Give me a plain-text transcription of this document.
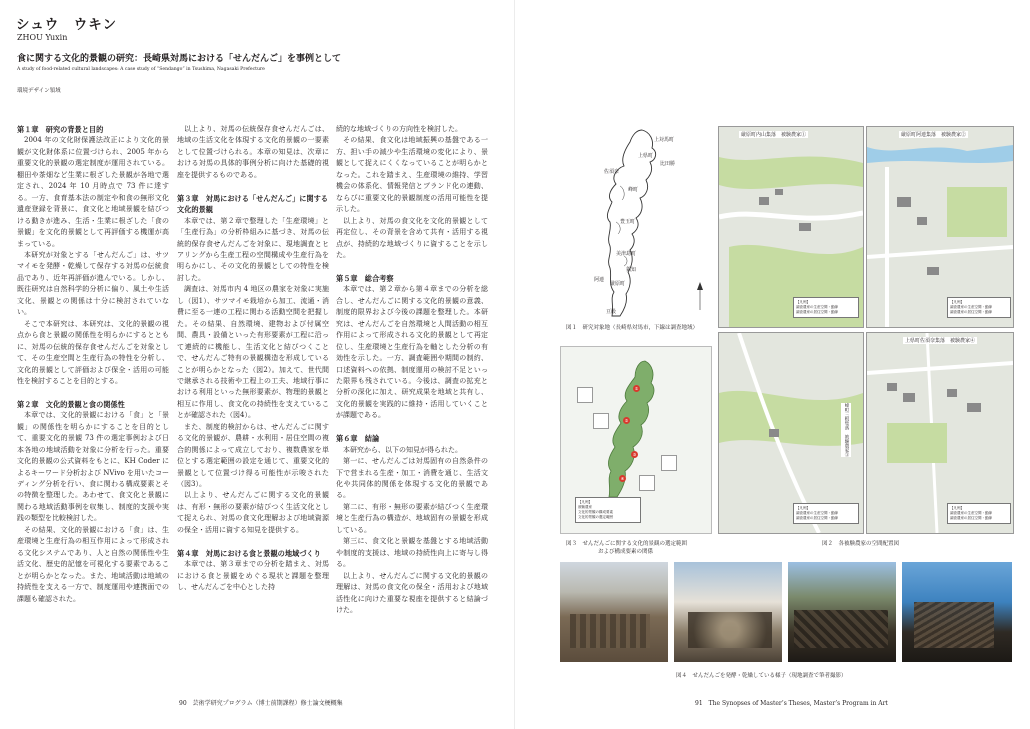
シュウ　ウキン
ZHOU Yuxin
食に関する文化的景観の研究：長崎県対馬における「せんだんご」を事例として
A study of food-related cultural landscapes: A case study of “Sendango” in Tsushima, Nagasaki Prefecture
環境デザイン領域
第１章　研究の背景と目的

2004 年の文化財保護法改正により文化的景観が文化財体系に位置づけられ、2005 年から重要文化的景観の選定制度が運用されている。棚田や茶畑など生業に根ざした景観が各地で選定され、2024 年 10 月時点で 73 件に達する。一方、食育基本法の制定や和食の無形文化遺産登録を背景に、食文化と地域景観を結びつける動きが進み、生活・生業に根ざした「食の景観」を文化的景観として再評価する機運が高まっている。

本研究が対象とする「せんだんご」は、サツマイモを発酵・乾燥して保存する対馬の伝統食品であり、近年再評価が進んでいる。しかし、既往研究は自然科学的分析に偏り、風土や生活文化、景観との関係は十分に検討されていない。

そこで本研究は、本研究は、文化的景観の視点から食と景観の関係性を明らかにするとともに、対馬の伝統的保存食せんだんごを対象として、その生産空間と生産行為の特性を分析し、文化的景観として評価および保全・活用の可能性を検討することを目的とする。

第２章　文化的景観と食の関係性

本章では、文化的景観における「食」と「景観」の関係性を明らかにすることを目的として、重要文化的景観 73 件の選定事例および日本各地の地域活動を対象に分析を行った。重要文化的景観の公式資料をもとに、KH Coder によるキーワード分析および NVivo を用いたコーディング分析を行い、食に関わる構成要素とその特徴を整理した。あわせて、食文化と景観に関わる地域活動事例を収集し、制度的支援や実践の類型を比較検討した。

その結果、文化的景観における「食」は、生産環境と生産行為の相互作用によって形成される文化システムであり、人と自然の関係性や生活文化、歴史的記憶を可視化する要素であることが明らかとなった。また、地域活動は地域の持続性を支える一方で、制度運用や連携面での課題も確認された。

以上より、対馬の伝統保存食せんだんごは、地域の生活文化を体現する文化的景観の一要素として位置づけられる。本章の知見は、次章における対馬の具体的事例分析に向けた基礎的視座を提供するものである。

第３章　対馬における「せんだんご」に関する文化的景観

本章では、第２章で整理した「生産環境」と「生産行為」の分析枠組みに基づき、対馬の伝統的保存食せんだんごを対象に、現地調査とヒアリングから生産工程の空間構成や生産行為を明らかにし、その文化的景観としての特性を検討した。

調査は、対馬市内 4 地区の農家を対象に実施し（図1）、サツマイモ栽培から加工、流通・消費に至る一連の工程に関わる活動空間を把握した。その結果、自然環境、建物および付属空間、農具・設備といった有形要素が工程に沿って連続的に機能し、生活文化と結びつくことで、せんだんご特有の景観構造を形成していることが明らかとなった（図2）。加えて、世代間で継承される技術や工程上の工夫、地域行事における利用といった無形要素が、物理的景観と相互に作用し、食文化の持続性を支えていることが確認された（図4）。

また、制度的検討からは、せんだんごに関する文化的景観が、農耕・水利用・居住空間の複合的関係によって成立しており、複数農家を単位とする選定範囲の設定を通じて、重要文化的景観として位置づけ得る可能性が示唆された（図3）。

以上より、せんだんごに関する文化的景観は、有形・無形の要素が結びつく生活文化として捉えられ、対馬の食文化理解および地域資源の保全・活用に資する知見を提供する。

第４章　対馬における食と景観の地域づくり

本章では、第３章までの分析を踏まえ、対馬における食と景観をめぐる現状と課題を整理し、せんだんごを中心とした持

続的な地域づくりの方向性を検討した。

その結果、食文化は地域振興の基盤である一方、担い手の減少や生活環境の変化により、景観として捉えにくくなっていることが明らかとなった。これを踏まえ、生産環境の維持、学習機会の体系化、情報発信とブランド化の連動、ならびに重要文化的景観制度の活用可能性を提示した。

以上より、対馬の食文化を文化的景観として再定位し、その背景を含めて共有・活用する視点が、持続的な地域づくりに資することを示した。

第５章　総合考察

本章では、第２章から第４章までの分析を総合し、せんだんごに関する文化的景観の意義、制度的限界および今後の課題を整理した。本研究は、せんだんごを自然環境と人間活動の相互作用によって形成される文化的景観として再定位し、生産環境と生産行為を軸とした分析の有効性を示した。一方、調査範囲や期間の制約、口述資料への依拠、制度運用の検討不足といった限界も残されている。今後は、調査の拡充と分析の深化に加え、研究成果を地域と共有し、文化的景観を実践的に維持・活用していくことが課題である。

第６章　結論

本研究から、以下の知見が得られた。

第一に、せんだんごは対馬固有の自然条件の下で営まれる生産・加工・消費を通じ、生活文化や共同体的関係を体現する文化的景観である。

第二に、有形・無形の要素が結びつく生産環境と生産行為の構造が、地域固有の景観を形成している。

第三に、食文化と景観を基盤とする地域活動や制度的支援は、地域の持続性向上に寄与し得る。

以上より、せんだんごに関する文化的景観の理解は、対馬の食文化の保全・活用および地域活性化に向けた重要な視座を提供すると結論づけた。

上県町
上対馬町
峰町
豊玉町
美津島町
厳原町
鶏知
阿連
豆酘
佐須奈
比田勝
図１　研究対象地（長崎県対馬市，下線は調査地域）
①
②
③
④
【凡例】
被験農家
文化的景観の構成要素
文化的景観の選定範囲
図３　せんだんごに関する文化的景観の選定範囲
および構成要素の関係
厳原町内山集落　被験農家①
【凡例】
調査農家の生産空間・動線
調査農家の居住空間・動線
厳原町阿連集落　被験農家②
【凡例】
調査農家の生産空間・動線
調査農家の居住空間・動線
峰町三根集落　被験農家③
【凡例】
調査農家の生産空間・動線
調査農家の居住空間・動線
上県町佐須奈集落　被験農家④
【凡例】
調査農家の生産空間・動線
調査農家の居住空間・動線
図２　各被験農家の空間配置図
図４　せんだんごを発酵・乾燥している様子（現地調査で筆者撮影）
90　 芸術学研究プログラム（博士前期課程）修士論文梗概集	91　 The Synopses of Master’s Theses, Master’s Program in Art
